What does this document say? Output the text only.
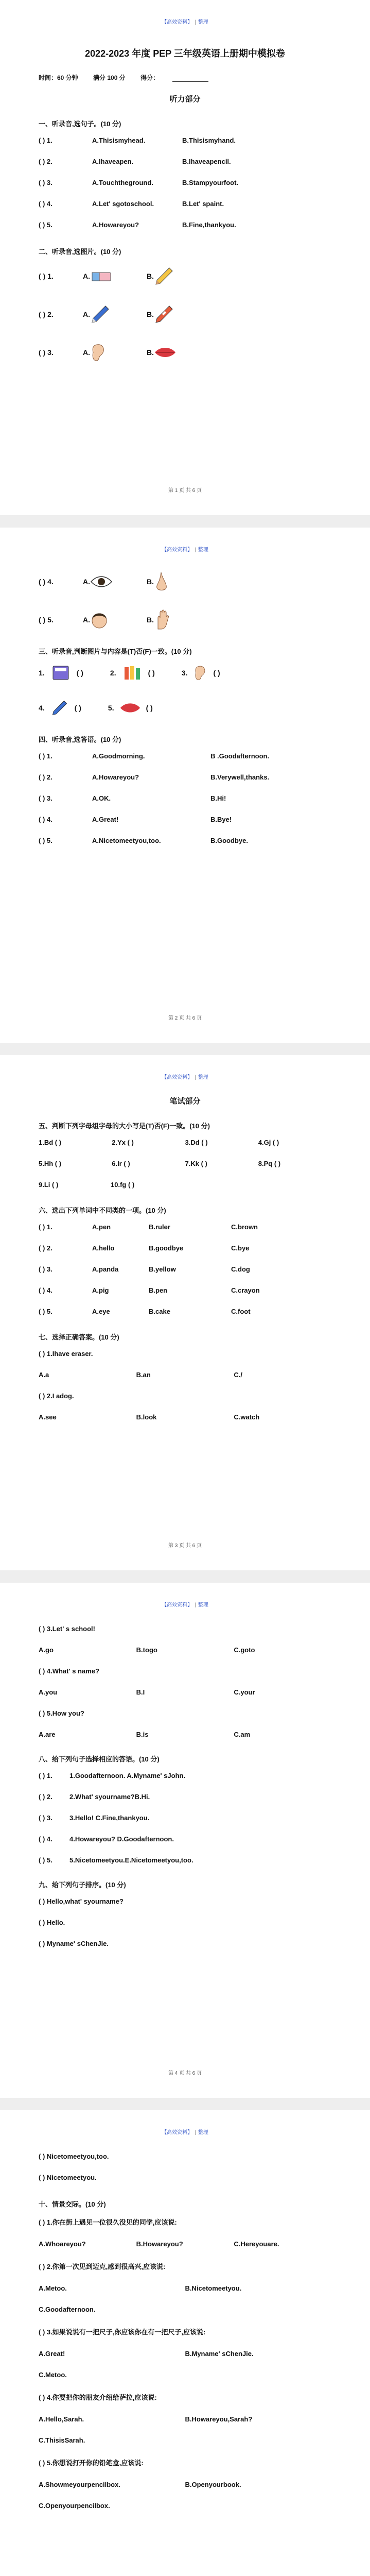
【高效资料】 | 整理
2022-2023 年度 PEP 三年级英语上册期中模拟卷
时间：60 分钟 满分 100 分 得分：
听力部分
一、听录音,选句子。(10 分)
( ) 1.	A.Thisismyhead.	B.Thisismyhand.
( ) 2.	A.Ihaveapen.	B.Ihaveapencil.
( ) 3.	A.Touchtheground.	B.Stampyourfoot.
( ) 4.	A.Let' sgotoschool.	B.Let' spaint.
( ) 5.	A.Howareyou?	B.Fine,thankyou.
二、听录音,选图片。(10 分)
( ) 1.	A.	B.
( ) 2.	A.	B.
( ) 3.	A.	B.
第 1 页 共 6 页
【高效资料】 | 整理
( ) 4.	A.	B.
( ) 5.	A.	B.
三、听录音,判断图片与内容是(T)否(F)一致。(10 分)
1.	( )	2.	( )	3.	( )
4.	( )	5.	( )
四、听录音,选答语。(10 分)
( ) 1.	A.Goodmorning.	B .Goodafternoon.
( ) 2.	A.Howareyou?	B.Verywell,thanks.
( ) 3.	A.OK.	B.Hi!
( ) 4.	A.Great!	B.Bye!
( ) 5.	A.Nicetomeetyou,too.	B.Goodbye.
第 2 页 共 6 页
【高效资料】 | 整理
笔试部分
五、判断下列字母组字母的大小写是(T)否(F)一致。(10 分)
1.Bd ( )	2.Yx ( )	3.Dd ( )	4.Gj ( )
5.Hh ( )	6.Ir ( )	7.Kk ( )	8.Pq ( )
9.Li ( )	10.fg ( )
六、选出下列单词中不同类的一项。(10 分)
( ) 1.	A.pen	B.ruler	C.brown
( ) 2.	A.hello	B.goodbye	C.bye
( ) 3.	A.panda	B.yellow	C.dog
( ) 4.	A.pig	B.pen	C.crayon
( ) 5.	A.eye	B.cake	C.foot
七、选择正确答案。(10 分)
( ) 1.Ihave eraser.
A.a	B.an	C./
( ) 2.I adog.
A.see	B.look	C.watch
第 3 页 共 6 页
【高效资料】 | 整理
( ) 3.Let' s school!
A.go	B.togo	C.goto
( ) 4.What' s name?
A.you	B.I	C.your
( ) 5.How you?
A.are	B.is	C.am
八、给下列句子选择相应的答语。(10 分)
( ) 1.	1.Goodafternoon. A.Myname' sJohn.
( ) 2.	2.What' syourname?B.Hi.
( ) 3.	3.Hello! C.Fine,thankyou.
( ) 4.	4.Howareyou? D.Goodafternoon.
( ) 5.	5.Nicetomeetyou.E.Nicetomeetyou,too.
九、给下列句子排序。(10 分)
( ) Hello,what' syourname?
( ) Hello.
( ) Myname' sChenJie.
第 4 页 共 6 页
【高效资料】 | 整理
( ) Nicetomeetyou,too.
( ) Nicetomeetyou.
十、情景交际。(10 分)
( ) 1.你在街上遇见一位很久没见的同学,应该说:
A.Whoareyou?	B.Howareyou?	C.Hereyouare.
( ) 2.你第一次见到迈克,感到很高兴,应该说:
A.Metoo.	B.Nicetomeetyou.
C.Goodafternoon.
( ) 3.如果说说有一把尺子,你应该你在有一把尺子,应该说:
A.Great!	B.Myname' sChenJie.
C.Metoo.
( ) 4.你要把你的朋友介绍给萨拉,应该说:
A.Hello,Sarah.	B.Howareyou,Sarah?
C.ThisisSarah.
( ) 5.你想说打开你的铅笔盒,应该说:
A.Showmeyourpencilbox.	B.Openyourbook.
C.Openyourpencilbox.
